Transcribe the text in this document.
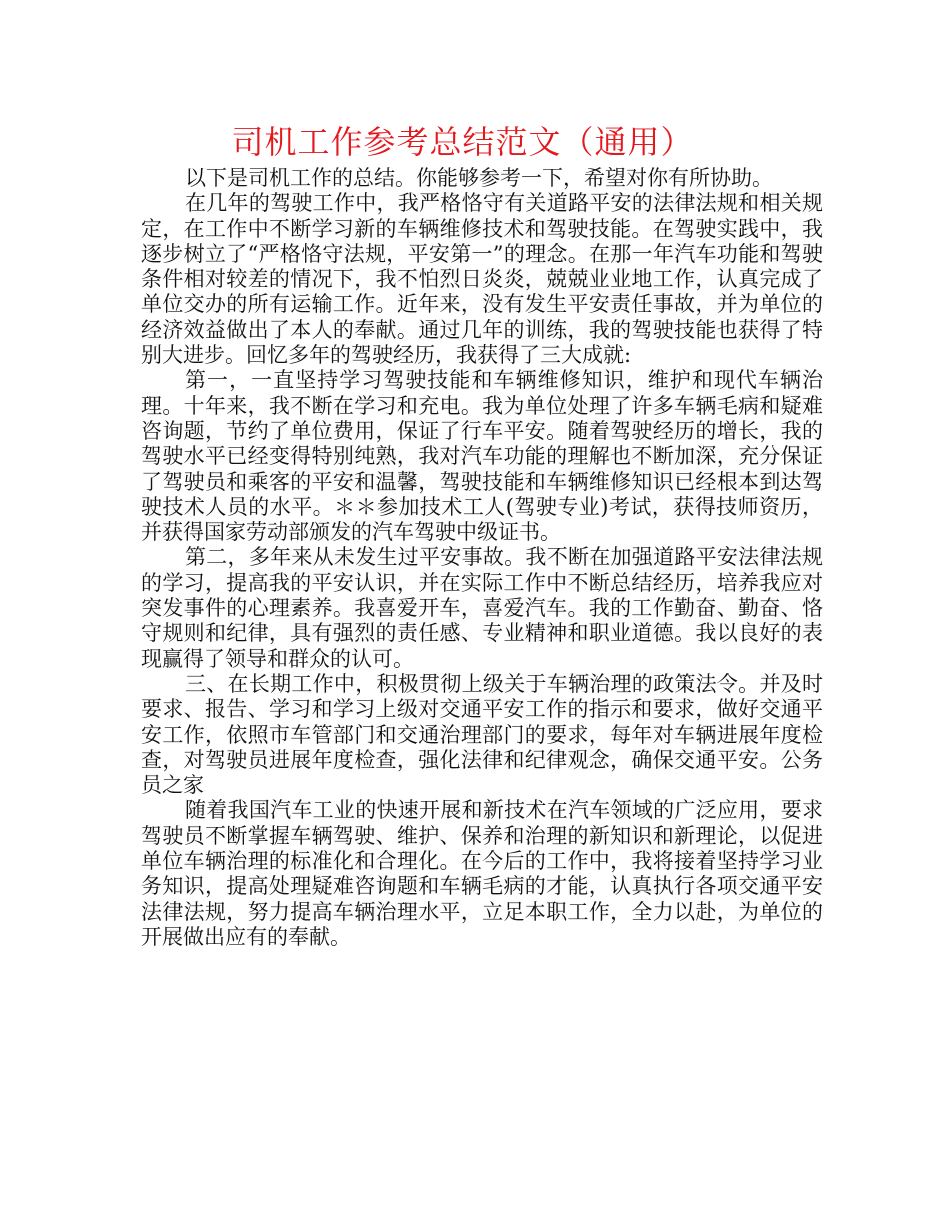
司机工作参考总结范文（通用）

以下是司机工作的总结。你能够参考一下，希望对你有所协助。

在几年的驾驶工作中，我严格恪守有关道路平安的法律法规和相关规定，在工作中不断学习新的车辆维修技术和驾驶技能。在驾驶实践中，我逐步树立了“严格恪守法规，平安第一”的理念。在那一年汽车功能和驾驶条件相对较差的情况下，我不怕烈日炎炎，兢兢业业地工作，认真完成了单位交办的所有运输工作。近年来，没有发生平安责任事故，并为单位的经济效益做出了本人的奉献。通过几年的训练，我的驾驶技能也获得了特别大进步。回忆多年的驾驶经历，我获得了三大成就:

第一，一直坚持学习驾驶技能和车辆维修知识，维护和现代车辆治理。十年来，我不断在学习和充电。我为单位处理了许多车辆毛病和疑难咨询题，节约了单位费用，保证了行车平安。随着驾驶经历的增长，我的驾驶水平已经变得特别纯熟，我对汽车功能的理解也不断加深，充分保证了驾驶员和乘客的平安和温馨，驾驶技能和车辆维修知识已经根本到达驾驶技术人员的水平。＊＊参加技术工人(驾驶专业)考试，获得技师资历，并获得国家劳动部颁发的汽车驾驶中级证书。

第二，多年来从未发生过平安事故。我不断在加强道路平安法律法规的学习，提高我的平安认识，并在实际工作中不断总结经历，培养我应对突发事件的心理素养。我喜爱开车，喜爱汽车。我的工作勤奋、勤奋、恪守规则和纪律，具有强烈的责任感、专业精神和职业道德。我以良好的表现赢得了领导和群众的认可。

三、在长期工作中，积极贯彻上级关于车辆治理的政策法令。并及时要求、报告、学习和学习上级对交通平安工作的指示和要求，做好交通平安工作，依照市车管部门和交通治理部门的要求，每年对车辆进展年度检查，对驾驶员进展年度检查，强化法律和纪律观念，确保交通平安。公务员之家

随着我国汽车工业的快速开展和新技术在汽车领域的广泛应用，要求驾驶员不断掌握车辆驾驶、维护、保养和治理的新知识和新理论，以促进单位车辆治理的标准化和合理化。在今后的工作中，我将接着坚持学习业务知识，提高处理疑难咨询题和车辆毛病的才能，认真执行各项交通平安法律法规，努力提高车辆治理水平，立足本职工作，全力以赴，为单位的开展做出应有的奉献。
